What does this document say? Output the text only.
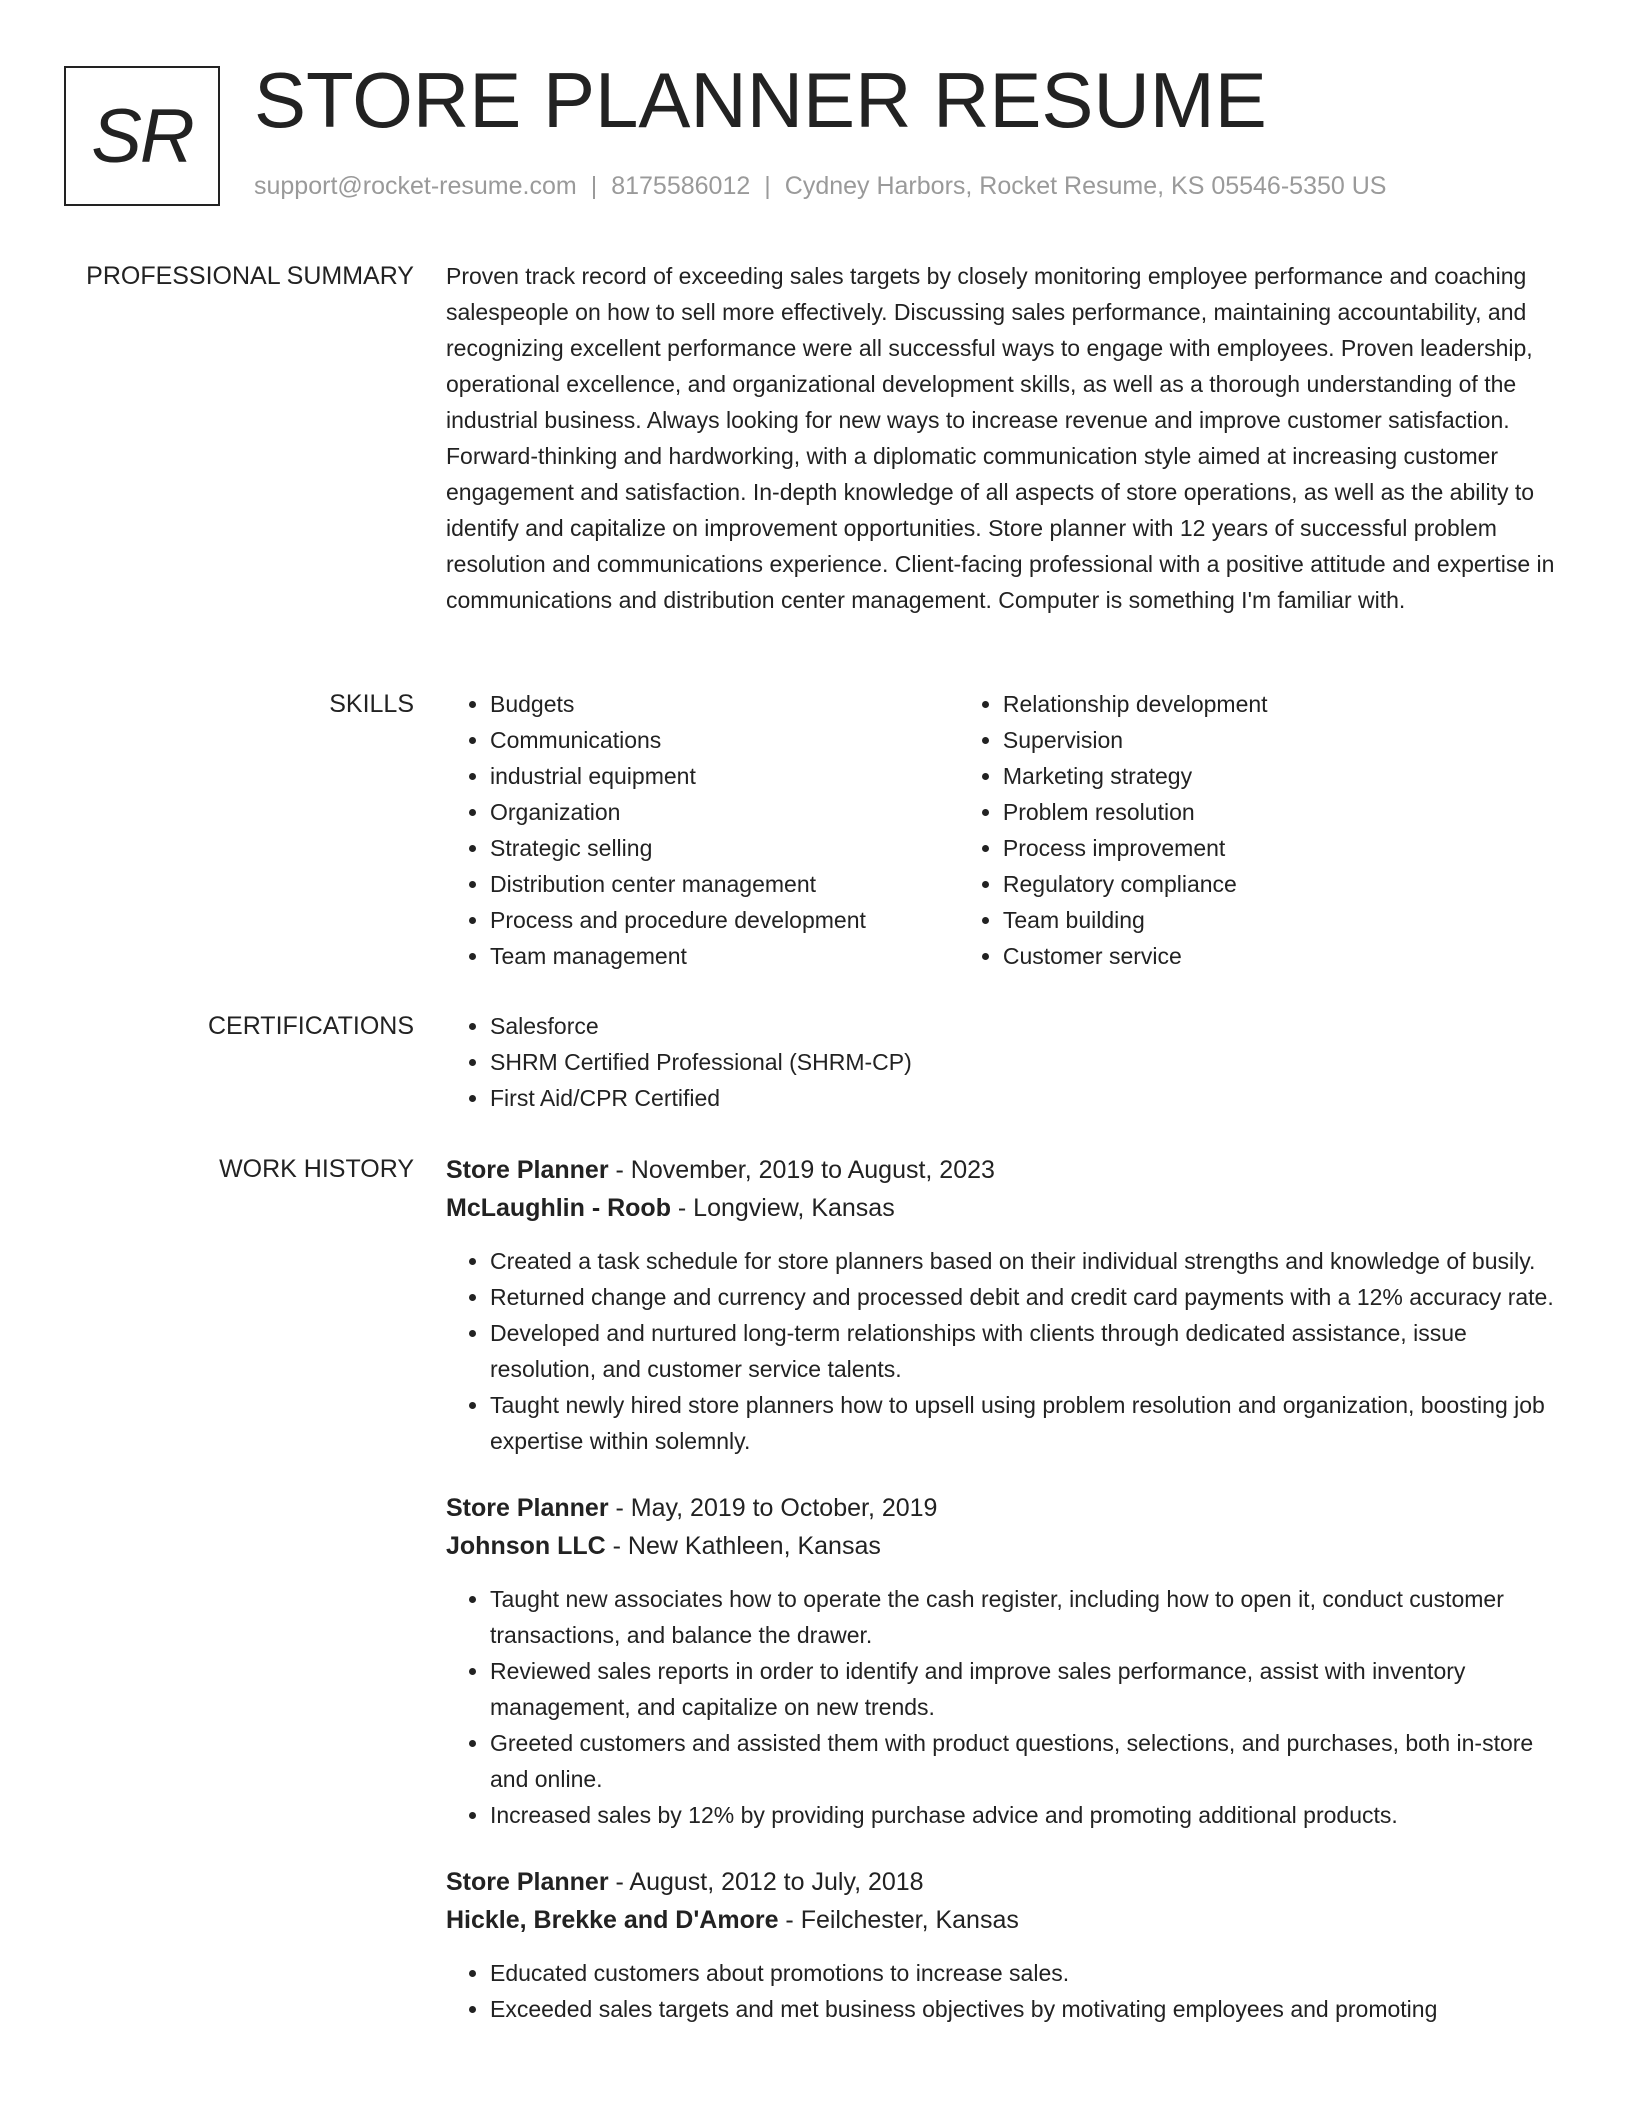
SR STORE PLANNER RESUME
support@rocket-resume.com | 8175586012 | Cydney Harbors, Rocket Resume, KS 05546-5350 US
PROFESSIONAL SUMMARY Proven track record of exceeding sales targets by closely monitoring employee performance and coaching salespeople on how to sell more effectively. Discussing sales performance, maintaining accountability, and recognizing excellent performance were all successful ways to engage with employees. Proven leadership, operational excellence, and organizational development skills, as well as a thorough understanding of the industrial business. Always looking for new ways to increase revenue and improve customer satisfaction. Forward-thinking and hardworking, with a diplomatic communication style aimed at increasing customer engagement and satisfaction. In-depth knowledge of all aspects of store operations, as well as the ability to identify and capitalize on improvement opportunities. Store planner with 12 years of successful problem resolution and communications experience. Client-facing professional with a positive attitude and expertise in communications and distribution center management. Computer is something I'm familiar with.

SKILLS	• Budgets
• Communications
• industrial equipment
• Organization
• Strategic selling
• Distribution center management
• Process and procedure development
• Team management
• Relationship development
• Supervision
• Marketing strategy
• Problem resolution
• Process improvement
• Regulatory compliance
• Team building
• Customer service
CERTIFICATIONS	• Salesforce
• SHRM Certified Professional (SHRM-CP)
• First Aid/CPR Certified
WORK HISTORY Store Planner - November, 2019 to August, 2023
McLaughlin - Roob - Longview, Kansas
• Created a task schedule for store planners based on their individual strengths and knowledge of busily.
• Returned change and currency and processed debit and credit card payments with a 12% accuracy rate.
• Developed and nurtured long-term relationships with clients through dedicated assistance, issue resolution, and customer service talents.
• Taught newly hired store planners how to upsell using problem resolution and organization, boosting job expertise within solemnly.
Store Planner - May, 2019 to October, 2019
Johnson LLC - New Kathleen, Kansas
• Taught new associates how to operate the cash register, including how to open it, conduct customer transactions, and balance the drawer.
• Reviewed sales reports in order to identify and improve sales performance, assist with inventory management, and capitalize on new trends.
• Greeted customers and assisted them with product questions, selections, and purchases, both in-store and online.
• Increased sales by 12% by providing purchase advice and promoting additional products.
Store Planner - August, 2012 to July, 2018
Hickle, Brekke and D'Amore - Feilchester, Kansas
• Educated customers about promotions to increase sales.
• Exceeded sales targets and met business objectives by motivating employees and promoting
